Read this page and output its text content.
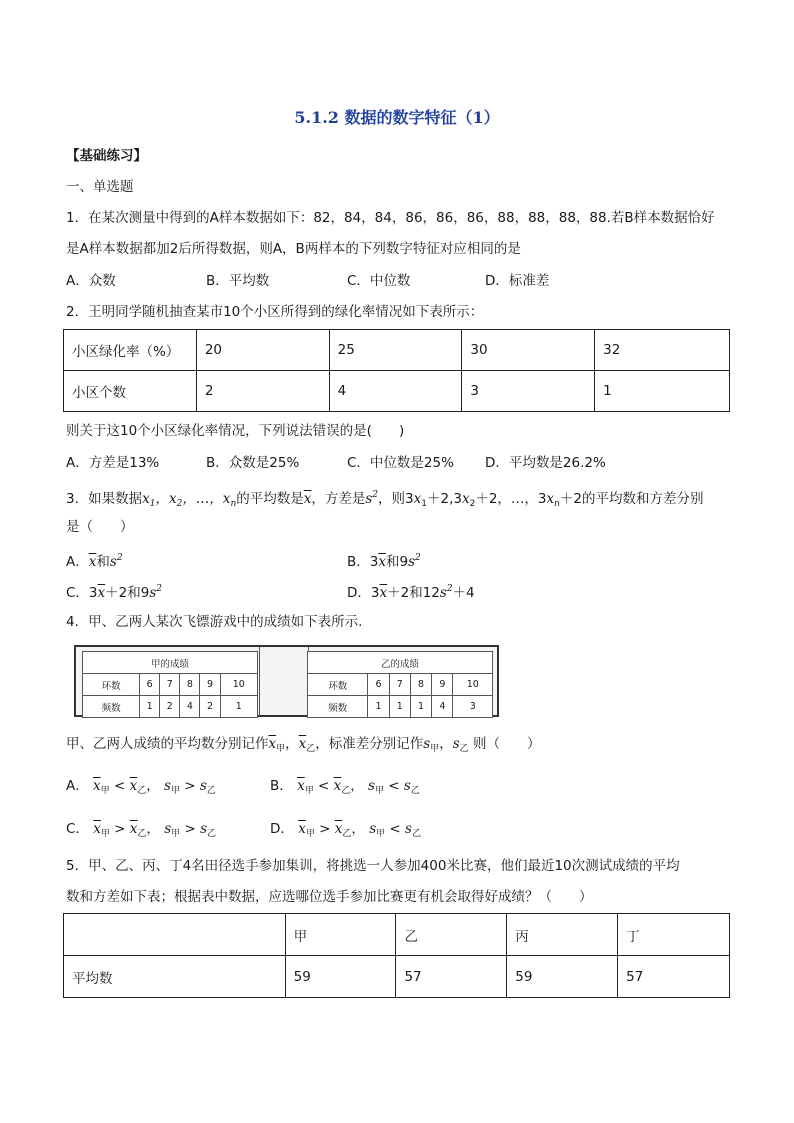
5.1.2 数据的数字特征（1）
【基础练习】
一、单选题
1．在某次测量中得到的A样本数据如下：82，84，84，86，86，86，88，88，88，88.若B样本数据恰好
是A样本数据都加2后所得数据，则A，B两样本的下列数字特征对应相同的是
A．众数	B．平均数	C．中位数	D．标准差
2．王明同学随机抽查某市10个小区所得到的绿化率情况如下表所示：
小区绿化率（%）	20	25	30	32
小区个数	2	4	3	1
则关于这10个小区绿化率情况，下列说法错误的是(　　)
A．方差是13%	B．众数是25%	C．中位数是25% D．平均数是26.2%
3．如果数据$x_1$，$x_2$，…，$x_n$的平均数是$\overline{x}$，方差是$s^2$，则$3x_1+2,3x_2+2$，…，$3x_n+2$的平均数和方差分别
是（　　）
A．$\overline{x}$和$s^2$	B．$3\overline{x}$和$9s^2$
C．$3\overline{x}+2$和$9s^2$	D．$3\overline{x}+2$和$12s^2+4$
4．甲、乙两人某次飞镖游戏中的成绩如下表所示.
甲的成绩					
环数	6	7	8	9	10
频数	1	2	4	2	1
乙的成绩					
环数	6	7	8	9	10
频数	1	1	1	4	3
甲、乙两人成绩的平均数分别记作$\overline{x}_甲$，$\overline{x}_乙$，标准差分别记作$s_甲$，$s_乙$ 则（　　）
A． $\overline{x}_甲 < \overline{x}_乙$， $s_甲 > s_乙$	B． $\overline{x}_甲 < \overline{x}_乙$， $s_甲 < s_乙$
C． $\overline{x}_甲 > \overline{x}_乙$， $s_甲 > s_乙$	D． $\overline{x}_甲 > \overline{x}_乙$， $s_甲 < s_乙$
5．甲、乙、丙、丁4名田径选手参加集训，将挑选一人参加400米比赛，他们最近10次测试成绩的平均
数和方差如下表；根据表中数据，应选哪位选手参加比赛更有机会取得好成绩？（　　）
	甲	乙	丙	丁
平均数	59	57	59	57
